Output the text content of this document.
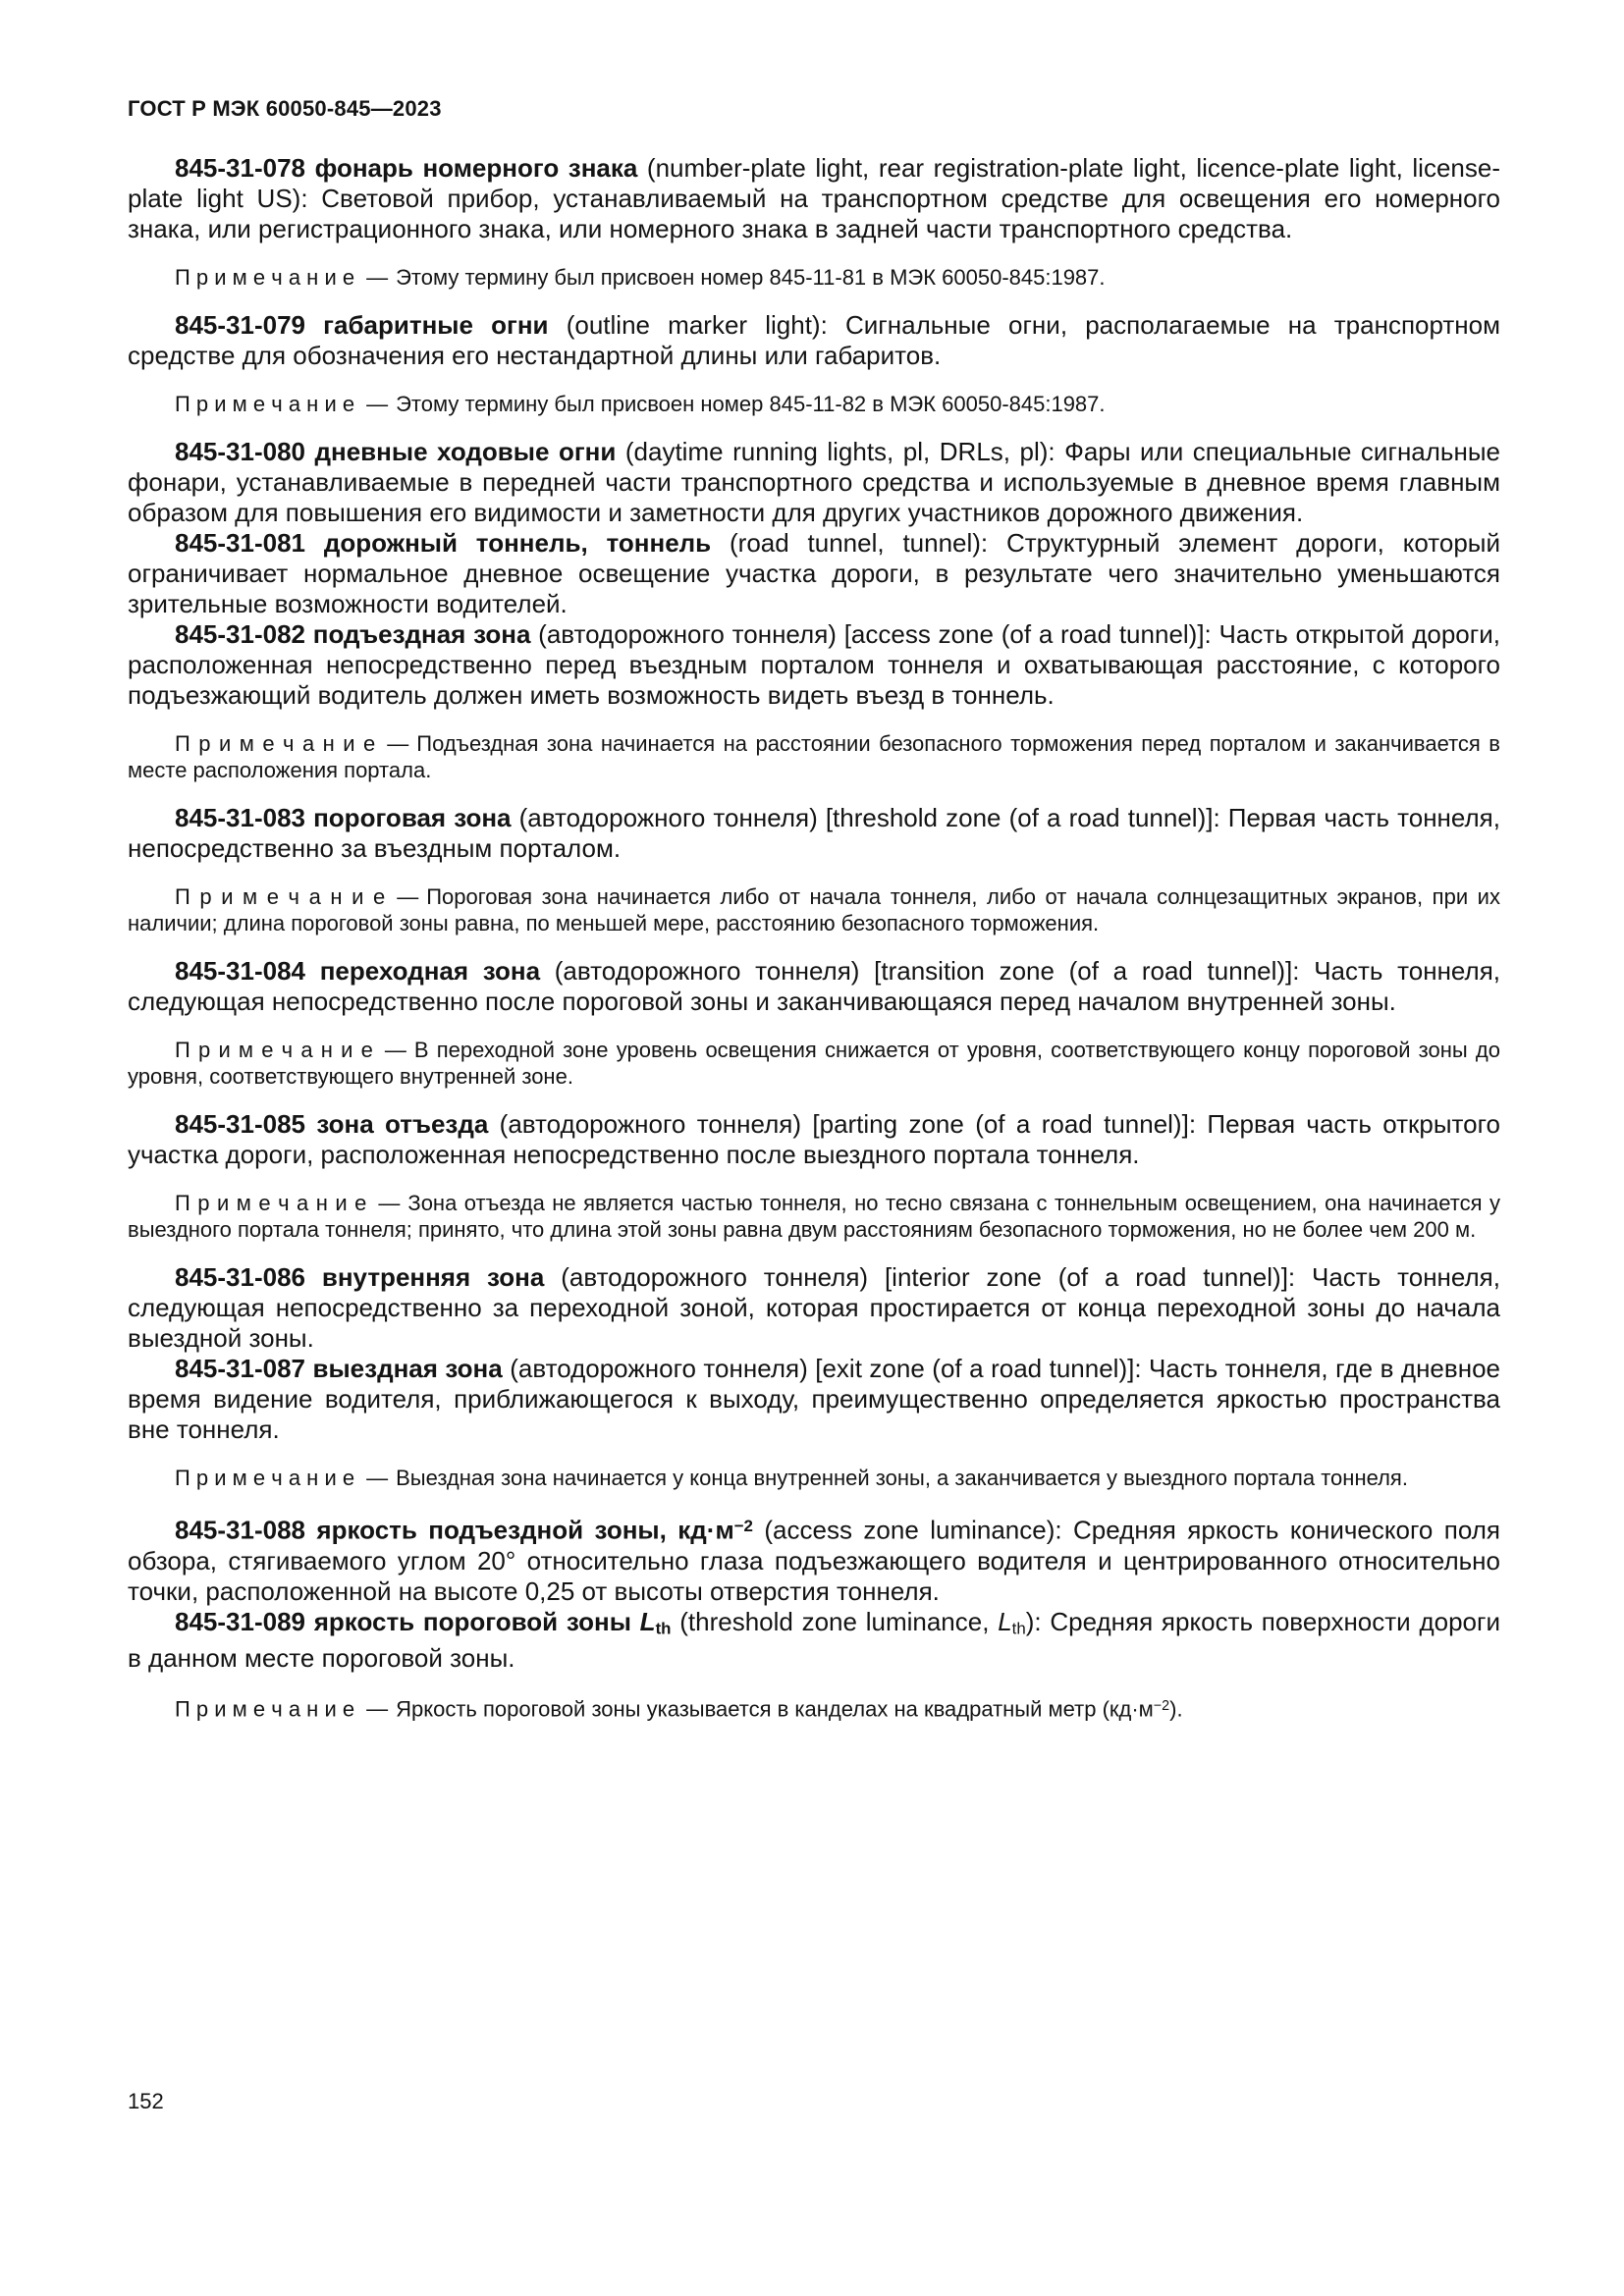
ГОСТ Р МЭК 60050-845—2023

845-31-078 фонарь номерного знака (number-plate light, rear registration-plate light, licence-plate light, license-plate light US): Световой прибор, устанавливаемый на транспортном средстве для освещения его номерного знака, или регистрационного знака, или номерного знака в задней части транспортного средства.

П р и м е ч а н и е — Этому термину был присвоен номер 845-11-81 в МЭК 60050-845:1987.

845-31-079 габаритные огни (outline marker light): Сигнальные огни, располагаемые на транспортном средстве для обозначения его нестандартной длины или габаритов.

П р и м е ч а н и е — Этому термину был присвоен номер 845-11-82 в МЭК 60050-845:1987.

845-31-080 дневные ходовые огни (daytime running lights, pl, DRLs, pl): Фары или специальные сигнальные фонари, устанавливаемые в передней части транспортного средства и используемые в дневное время главным образом для повышения его видимости и заметности для других участников дорожного движения.

845-31-081 дорожный тоннель, тоннель (road tunnel, tunnel): Структурный элемент дороги, который ограничивает нормальное дневное освещение участка дороги, в результате чего значительно уменьшаются зрительные возможности водителей.

845-31-082 подъездная зона (автодорожного тоннеля) [access zone (of a road tunnel)]: Часть открытой дороги, расположенная непосредственно перед въездным порталом тоннеля и охватывающая расстояние, с которого подъезжающий водитель должен иметь возможность видеть въезд в тоннель.

П р и м е ч а н и е — Подъездная зона начинается на расстоянии безопасного торможения перед порталом и заканчивается в месте расположения портала.

845-31-083 пороговая зона (автодорожного тоннеля) [threshold zone (of a road tunnel)]: Первая часть тоннеля, непосредственно за въездным порталом.

П р и м е ч а н и е — Пороговая зона начинается либо от начала тоннеля, либо от начала солнцезащитных экранов, при их наличии; длина пороговой зоны равна, по меньшей мере, расстоянию безопасного торможения.

845-31-084 переходная зона (автодорожного тоннеля) [transition zone (of a road tunnel)]: Часть тоннеля, следующая непосредственно после пороговой зоны и заканчивающаяся перед началом внутренней зоны.

П р и м е ч а н и е — В переходной зоне уровень освещения снижается от уровня, соответствующего концу пороговой зоны до уровня, соответствующего внутренней зоне.

845-31-085 зона отъезда (автодорожного тоннеля) [parting zone (of a road tunnel)]: Первая часть открытого участка дороги, расположенная непосредственно после выездного портала тоннеля.

П р и м е ч а н и е — Зона отъезда не является частью тоннеля, но тесно связана с тоннельным освещением, она начинается у выездного портала тоннеля; принято, что длина этой зоны равна двум расстояниям безопасного торможения, но не более чем 200 м.

845-31-086 внутренняя зона (автодорожного тоннеля) [interior zone (of a road tunnel)]: Часть тоннеля, следующая непосредственно за переходной зоной, которая простирается от конца переходной зоны до начала выездной зоны.

845-31-087 выездная зона (автодорожного тоннеля) [exit zone (of a road tunnel)]: Часть тоннеля, где в дневное время видение водителя, приближающегося к выходу, преимущественно определяется яркостью пространства вне тоннеля.

П р и м е ч а н и е — Выездная зона начинается у конца внутренней зоны, а заканчивается у выездного портала тоннеля.

845-31-088 яркость подъездной зоны, $кд\cdot м^{-2}$ (access zone luminance): Средняя яркость конического поля обзора, стягиваемого углом 20° относительно глаза подъезжающего водителя и центрированного относительно точки, расположенной на высоте 0,25 от высоты отверстия тоннеля.

845-31-089 яркость пороговой зоны $L_{th}$ (threshold zone luminance, $L_{th}$): Средняя яркость поверхности дороги в данном месте пороговой зоны.

П р и м е ч а н и е — Яркость пороговой зоны указывается в канделах на квадратный метр $(кд\cdot м^{-2})$.

152
